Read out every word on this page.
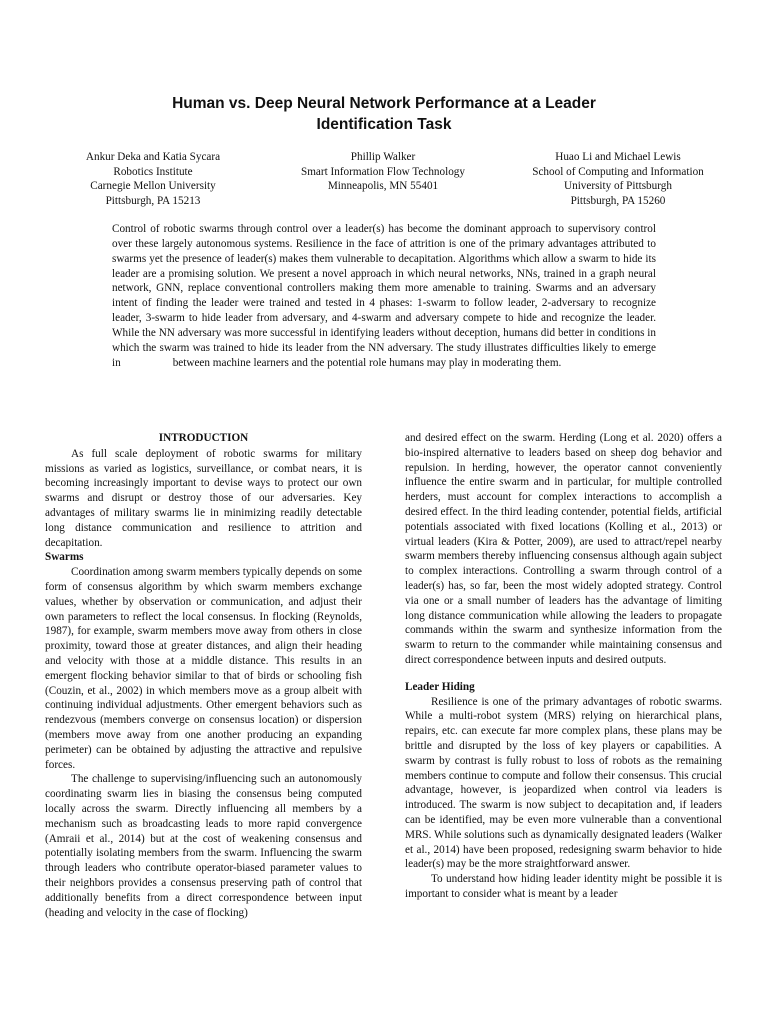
Human vs. Deep Neural Network Performance at a Leader
Identification Task
Ankur Deka and Katia Sycara
Robotics Institute
Carnegie Mellon University
Pittsburgh, PA 15213
Phillip Walker
Smart Information Flow Technology
Minneapolis, MN 55401
Huao Li and Michael Lewis
School of Computing and Information
University of Pittsburgh
Pittsburgh, PA 15260
Control of robotic swarms through control over a leader(s) has become the dominant approach to supervisory control over these largely autonomous systems. Resilience in the face of attrition is one of the primary advantages attributed to swarms yet the presence of leader(s) makes them vulnerable to decapitation. Algorithms which allow a swarm to hide its leader are a promising solution. We present a novel approach in which neural networks, NNs, trained in a graph neural network, GNN, replace conventional controllers making them more amenable to training. Swarms and an adversary intent of finding the leader were trained and tested in 4 phases: 1-swarm to follow leader, 2-adversary to recognize leader, 3-swarm to hide leader from adversary, and 4-swarm and adversary compete to hide and recognize the leader. While the NN adversary was more successful in identifying leaders without deception, humans did better in conditions in which the swarm was trained to hide its leader from the NN adversary. The study illustrates difficulties likely to emerge in	between machine learners and the potential role humans may play in moderating them.
INTRODUCTION

As full scale deployment of robotic swarms for military missions as varied as logistics, surveillance, or combat nears, it is becoming increasingly important to devise ways to protect our own swarms and disrupt or destroy those of our adversaries. Key advantages of military swarms lie in minimizing readily detectable long distance communication and resilience to attrition and decapitation.

Swarms

Coordination among swarm members typically depends on some form of consensus algorithm by which swarm members exchange values, whether by observation or communication, and adjust their own parameters to reflect the local consensus. In flocking (Reynolds, 1987), for example, swarm members move away from others in close proximity, toward those at greater distances, and align their heading and velocity with those at a middle distance. This results in an emergent flocking behavior similar to that of birds or schooling fish (Couzin, et al., 2002) in which members move as a group albeit with continuing individual adjustments. Other emergent behaviors such as rendezvous (members converge on consensus location) or dispersion (members move away from one another producing an expanding perimeter) can be obtained by adjusting the attractive and repulsive forces.

The challenge to supervising/influencing such an autonomously coordinating swarm lies in biasing the consensus being computed locally across the swarm. Directly influencing all members by a mechanism such as broadcasting leads to more rapid convergence (Amraii et al., 2014) but at the cost of weakening consensus and potentially isolating members from the swarm. Influencing the swarm through leaders who contribute operator-biased parameter values to their neighbors provides a consensus preserving path of control that additionally benefits from a direct correspondence between input (heading and velocity in the case of flocking)

and desired effect on the swarm. Herding (Long et al. 2020) offers a bio-inspired alternative to leaders based on sheep dog behavior and repulsion. In herding, however, the operator cannot conveniently influence the entire swarm and in particular, for multiple controlled herders, must account for complex interactions to accomplish a desired effect. In the third leading contender, potential fields, artificial potentials associated with fixed locations (Kolling et al., 2013) or virtual leaders (Kira & Potter, 2009), are used to attract/repel nearby swarm members thereby influencing consensus although again subject to complex interactions. Controlling a swarm through control of a leader(s) has, so far, been the most widely adopted strategy. Control via one or a small number of leaders has the advantage of limiting long distance communication while allowing the leaders to propagate commands within the swarm and synthesize information from the swarm to return to the commander while maintaining consensus and direct correspondence between inputs and desired outputs.

Leader Hiding

Resilience is one of the primary advantages of robotic swarms. While a multi-robot system (MRS) relying on hierarchical plans, repairs, etc. can execute far more complex plans, these plans may be brittle and disrupted by the loss of key players or capabilities. A swarm by contrast is fully robust to loss of robots as the remaining members continue to compute and follow their consensus. This crucial advantage, however, is jeopardized when control via leaders is introduced. The swarm is now subject to decapitation and, if leaders can be identified, may be even more vulnerable than a conventional MRS. While solutions such as dynamically designated leaders (Walker et al., 2014) have been proposed, redesigning swarm behavior to hide leader(s) may be the more straightforward answer.

To understand how hiding leader identity might be possible it is important to consider what is meant by a leader
